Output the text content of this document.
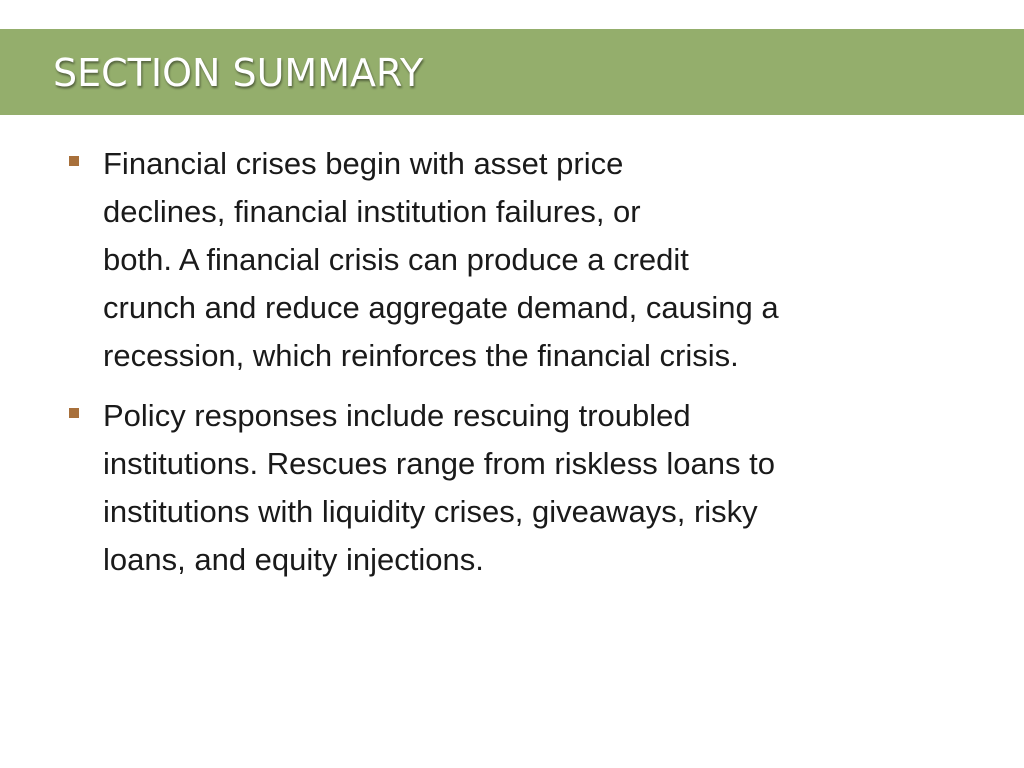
SECTION SUMMARY
Financial crises begin with asset price
declines, financial institution failures, or
both. A financial crisis can produce a credit
crunch and reduce aggregate demand, causing a
recession, which reinforces the financial crisis.
Policy responses include rescuing troubled
institutions. Rescues range from riskless loans to
institutions with liquidity crises, giveaways, risky
loans, and equity injections.
